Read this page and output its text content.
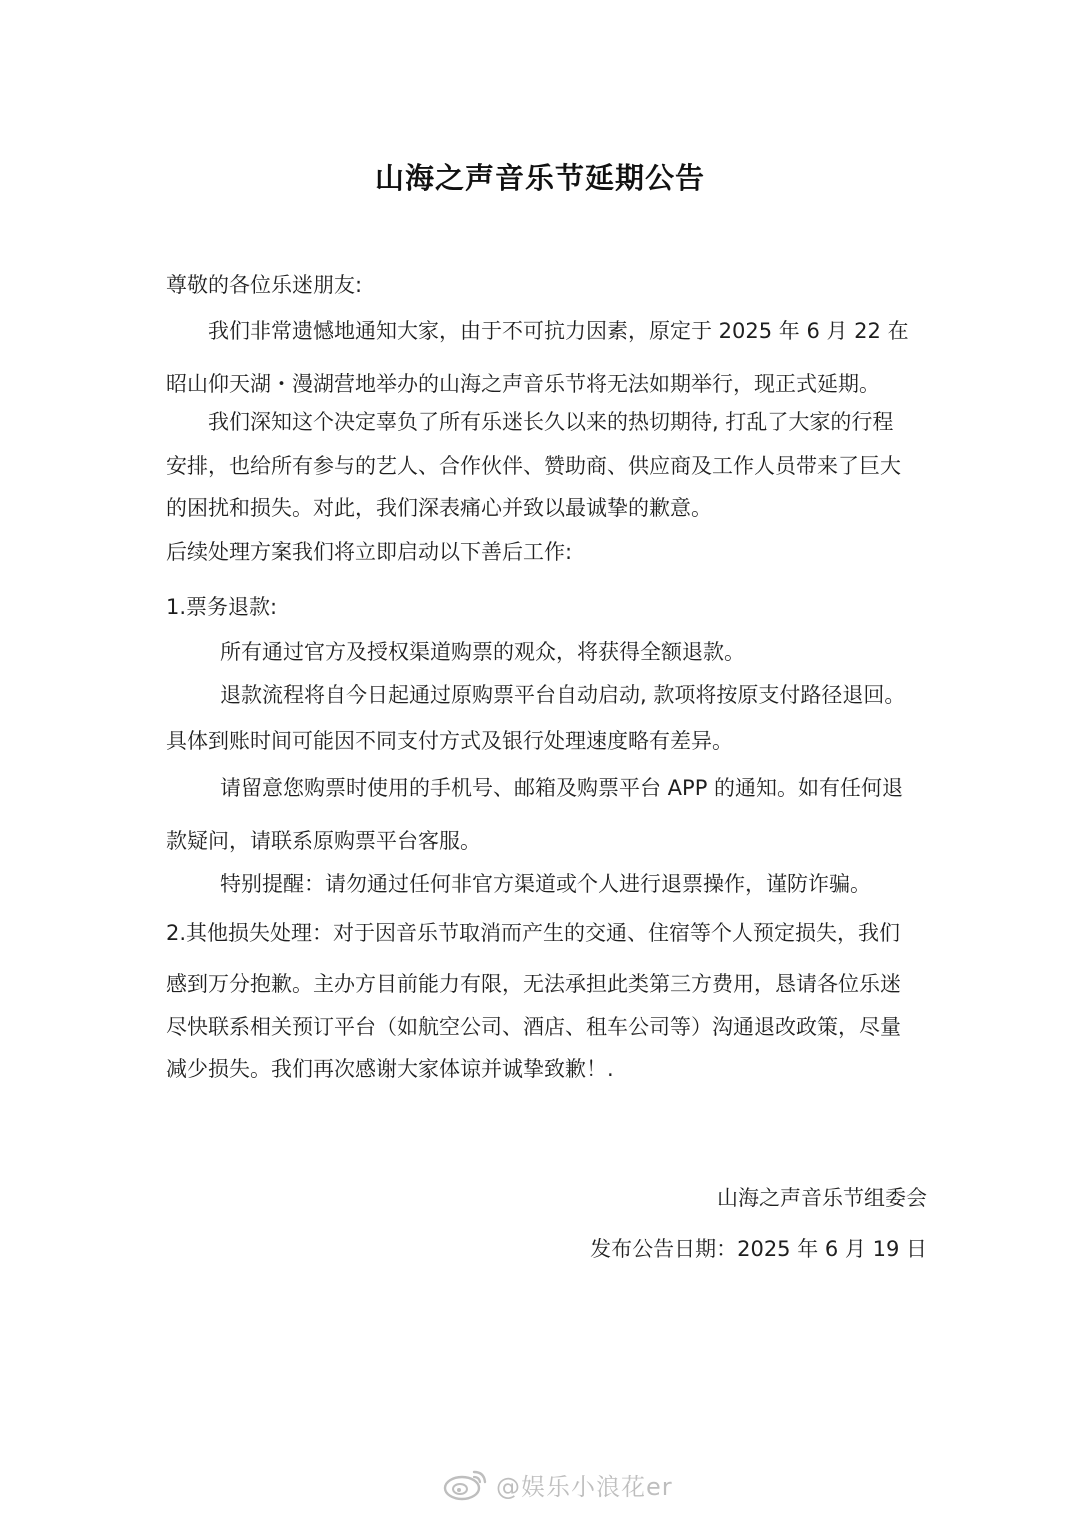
山海之声音乐节延期公告
尊敬的各位乐迷朋友:
我们非常遗憾地通知大家，由于不可抗力因素，原定于 2025 年 6 月 22 在
昭山仰天湖・漫湖营地举办的山海之声音乐节将无法如期举行，现正式延期。
我们深知这个决定辜负了所有乐迷长久以来的热切期待, 打乱了大家的行程
安排，也给所有参与的艺人、合作伙伴、赞助商、供应商及工作人员带来了巨大
的困扰和损失。对此，我们深表痛心并致以最诚挚的歉意。
后续处理方案我们将立即启动以下善后工作:
1.票务退款:
所有通过官方及授权渠道购票的观众，将获得全额退款。
退款流程将自今日起通过原购票平台自动启动, 款项将按原支付路径退回。
具体到账时间可能因不同支付方式及银行处理速度略有差异。
请留意您购票时使用的手机号、邮箱及购票平台 APP 的通知。如有任何退
款疑问，请联系原购票平台客服。
特别提醒：请勿通过任何非官方渠道或个人进行退票操作，谨防诈骗。
2.其他损失处理：对于因音乐节取消而产生的交通、住宿等个人预定损失，我们
感到万分抱歉。主办方目前能力有限，无法承担此类第三方费用，恳请各位乐迷
尽快联系相关预订平台（如航空公司、酒店、租车公司等）沟通退改政策，尽量
减少损失。我们再次感谢大家体谅并诚挚致歉！.
山海之声音乐节组委会
发布公告日期：2025 年 6 月 19 日
@娱乐小浪花er
